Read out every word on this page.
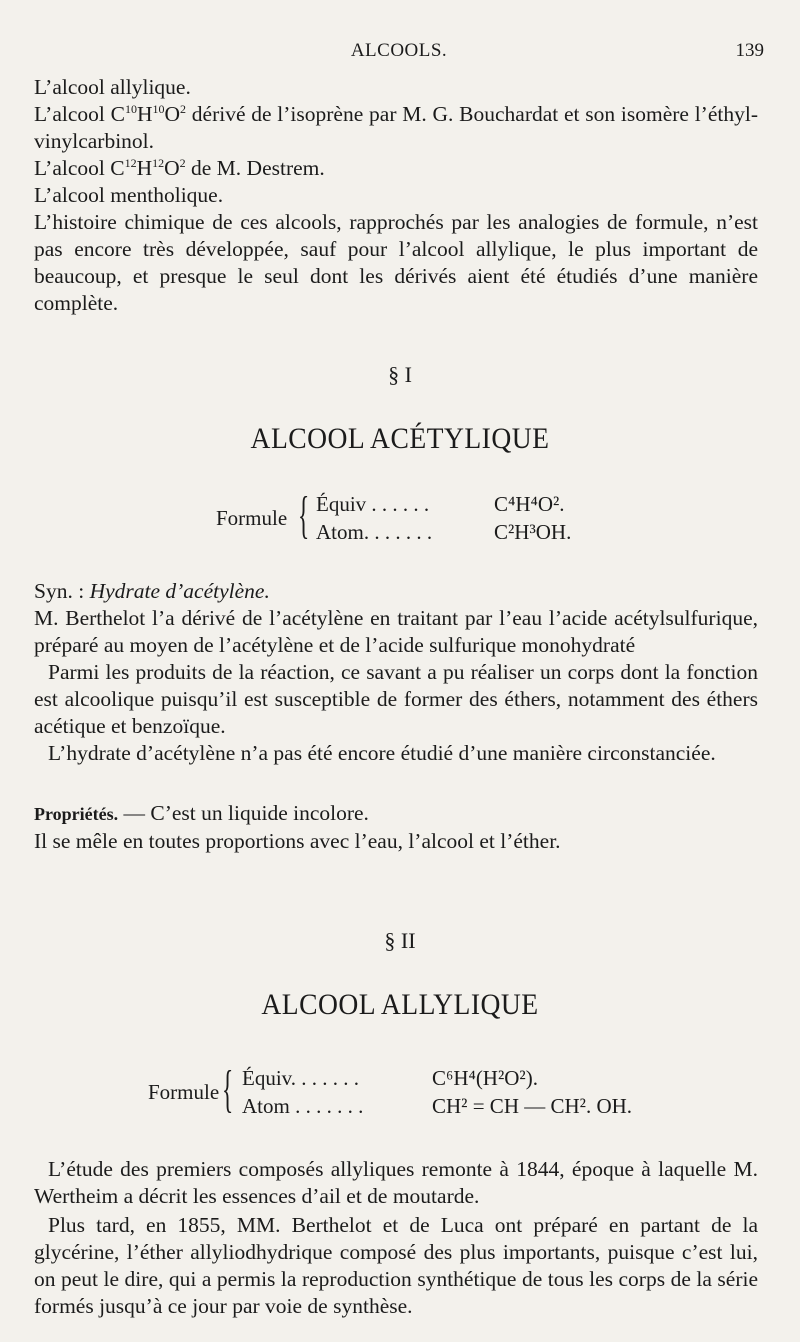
ALCOOLS.	139

L’alcool allylique.

L’alcool $C^{10}H^{10}O^2$ dérivé de l’isoprène par M. G. Bouchardat et son isomère l’éthyl-vinylcarbinol.

L’alcool $C^{12}H^{12}O^2$ de M. Destrem.

L’alcool mentholique.

L’histoire chimique de ces alcools, rapprochés par les analogies de formule, n’est pas encore très développée, sauf pour l’alcool allylique, le plus important de beaucoup, et presque le seul dont les dérivés aient été étudiés d’une manière complète.

§ I
ALCOOL ACÉTYLIQUE
Formule { Équiv . . . . . .	C⁴H⁴O².
Atom. . . . . . .	C²H³OH.

Syn. : Hydrate d’acétylène.

M. Berthelot l’a dérivé de l’acétylène en traitant par l’eau l’acide acétylsulfurique, préparé au moyen de l’acétylène et de l’acide sulfurique monohydraté

Parmi les produits de la réaction, ce savant a pu réaliser un corps dont la fonction est alcoolique puisqu’il est susceptible de former des éthers, notamment des éthers acétique et benzoïque.

L’hydrate d’acétylène n’a pas été encore étudié d’une manière circonstanciée.

Propriétés. — C’est un liquide incolore.

Il se mêle en toutes proportions avec l’eau, l’alcool et l’éther.

§ II
ALCOOL ALLYLIQUE
Formule { Équiv. . . . . . .	C⁶H⁴(H²O²).
Atom . . . . . . .	CH² = CH — CH². OH.

L’étude des premiers composés allyliques remonte à 1844, époque à laquelle M. Wertheim a décrit les essences d’ail et de moutarde.

Plus tard, en 1855, MM. Berthelot et de Luca ont préparé en partant de la glycérine, l’éther allyliodhydrique composé des plus importants, puisque c’est lui, on peut le dire, qui a permis la reproduction synthétique de tous les corps de la série formés jusqu’à ce jour par voie de synthèse.
